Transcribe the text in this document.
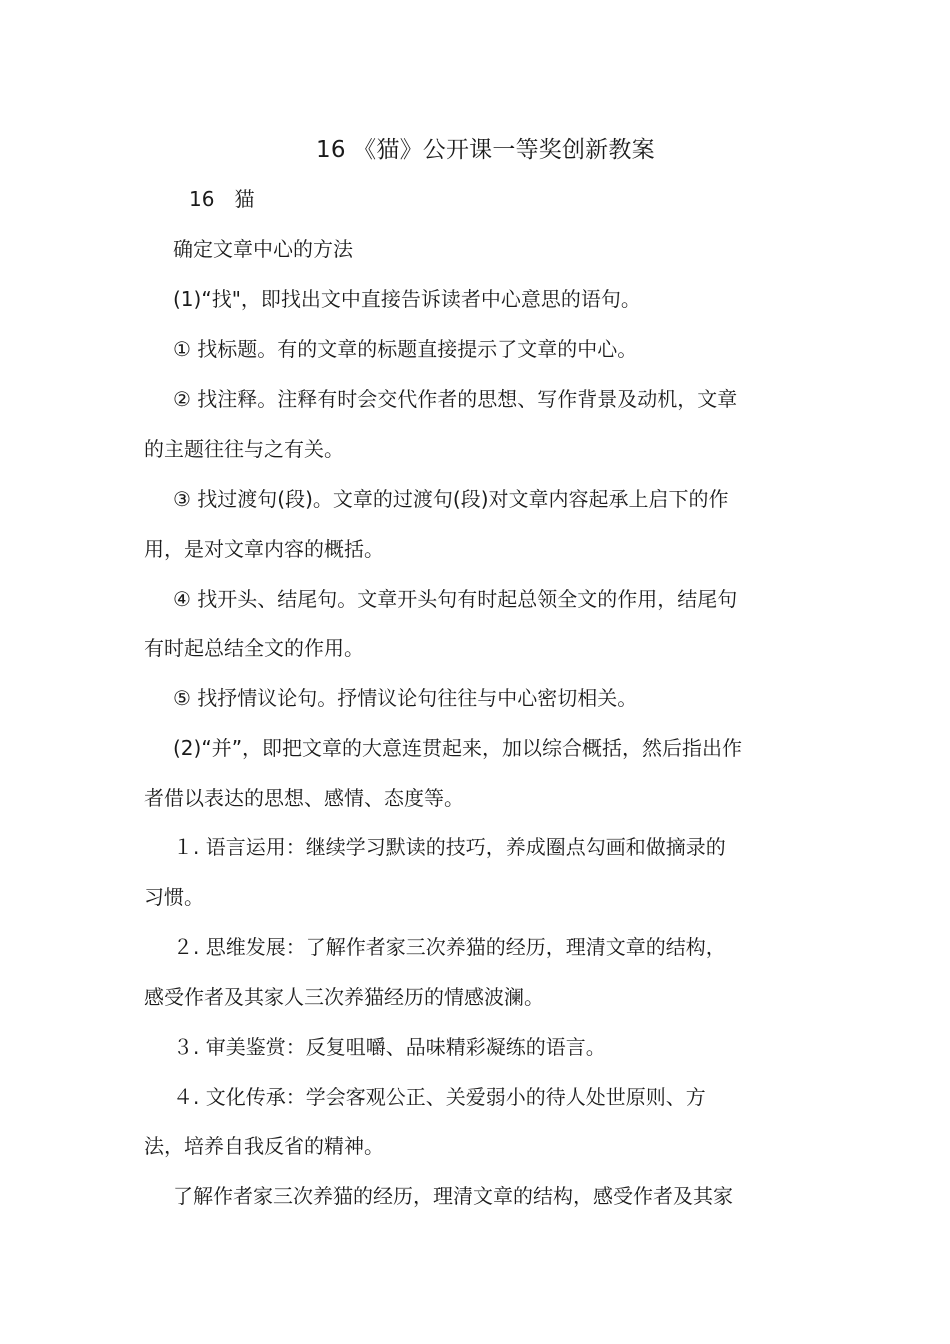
16 《猫》公开课一等奖创新教案
16　猫
确定文章中心的方法
(1)“找"，即找出文中直接告诉读者中心意思的语句。
① 找标题。有的文章的标题直接提示了文章的中心。
② 找注释。注释有时会交代作者的思想、写作背景及动机，文章
的主题往往与之有关。
③ 找过渡句(段)。文章的过渡句(段)对文章内容起承上启下的作
用，是对文章内容的概括。
④ 找开头、结尾句。文章开头句有时起总领全文的作用，结尾句
有时起总结全文的作用。
⑤ 找抒情议论句。抒情议论句往往与中心密切相关。
(2)“并”，即把文章的大意连贯起来，加以综合概括，然后指出作
者借以表达的思想、感情、态度等。
１. 语言运用：继续学习默读的技巧，养成圈点勾画和做摘录的
习惯。
２. 思维发展：了解作者家三次养猫的经历，理清文章的结构，
感受作者及其家人三次养猫经历的情感波澜。
３. 审美鉴赏：反复咀嚼、品味精彩凝练的语言。
４. 文化传承：学会客观公正、关爱弱小的待人处世原则、方
法，培养自我反省的精神。
了解作者家三次养猫的经历，理清文章的结构，感受作者及其家
